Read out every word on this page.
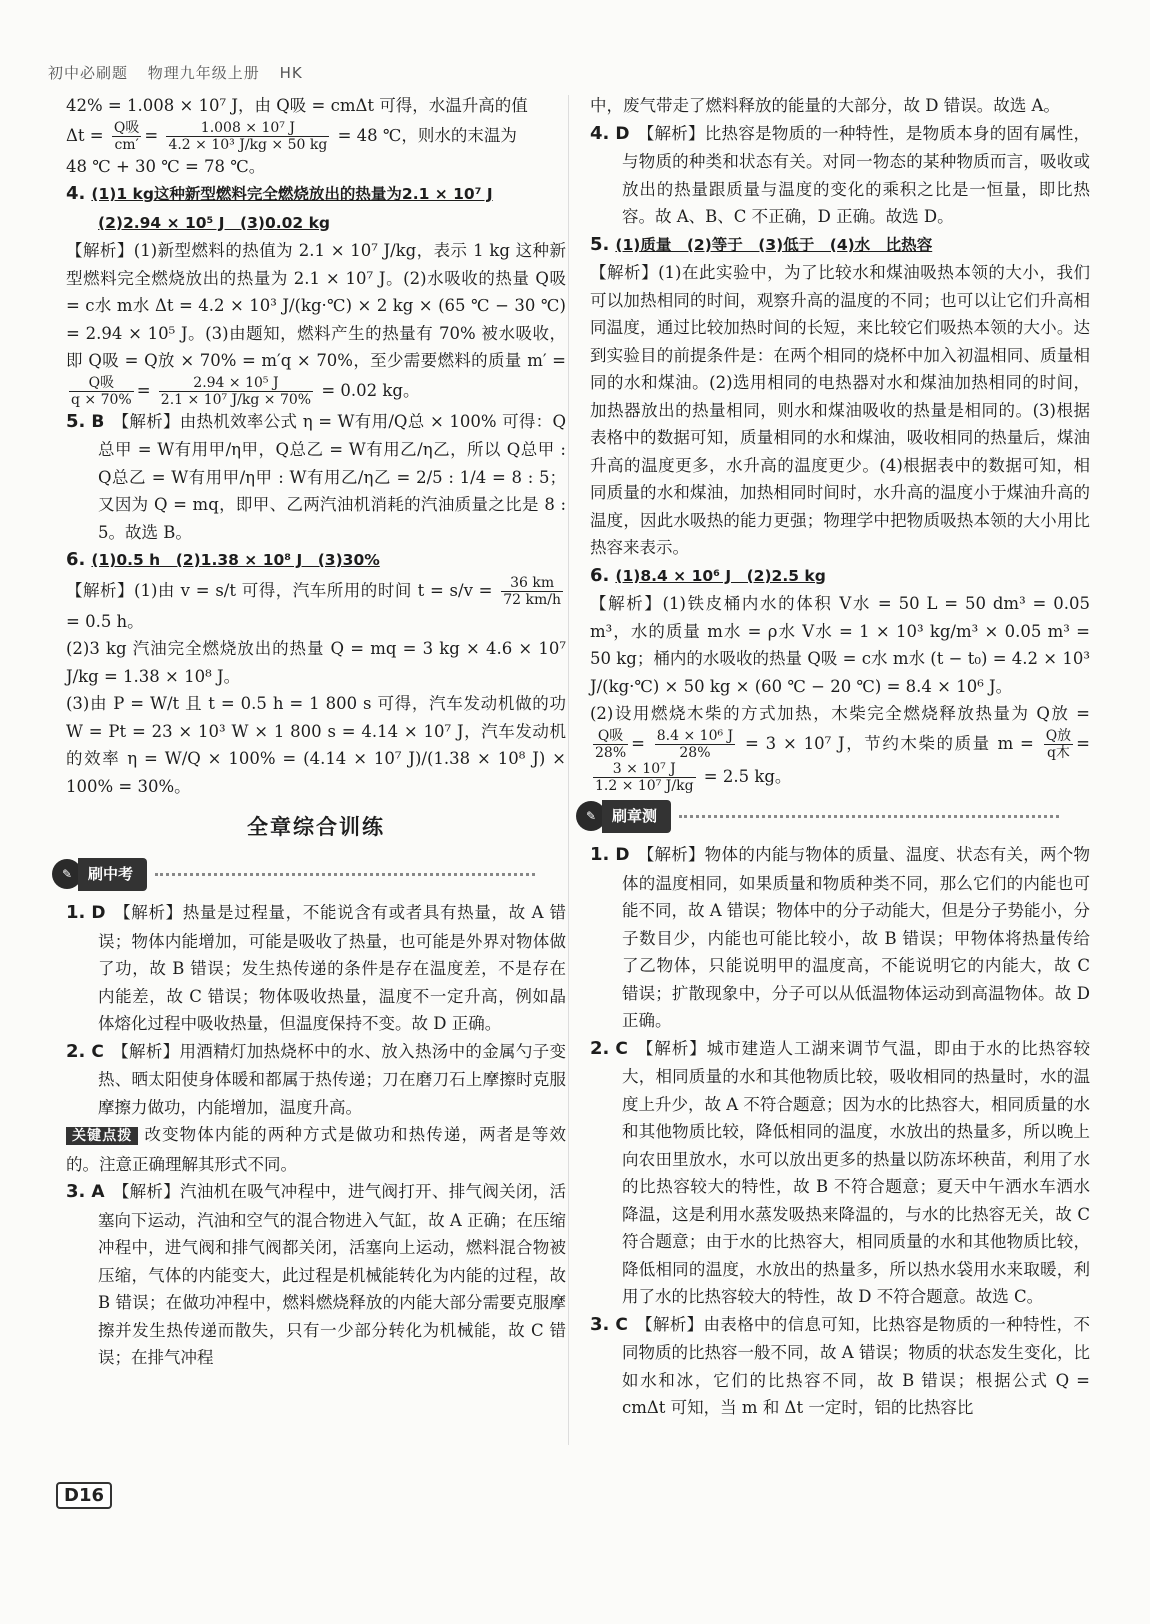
初中必刷题 物理九年级上册 HK

42% = 1.008 × 10⁷ J，由 Q吸 = cmΔt 可得，水温升高的值

$\Delta t = \frac{\text{Q吸}}{cm'} = \frac{\text{1.008 × 10⁷ J}}{\text{4.2 × 10³ J/kg × 50 kg}} = 48$ ℃，则水的末温为

48 ℃ + 30 ℃ = 78 ℃。

4. (1)1 kg这种新型燃料完全燃烧放出的热量为2.1 × 10⁷ J
(2)2.94 × 10⁵ J　(3)0.02 kg

【解析】(1)新型燃料的热值为 2.1 × 10⁷ J/kg，表示 1 kg 这种新型燃料完全燃烧放出的热量为 2.1 × 10⁷ J。(2)水吸收的热量 Q吸 = c水 m水 Δt = 4.2 × 10³ J/(kg·℃) × 2 kg × (65 ℃ − 30 ℃) = 2.94 × 10⁵ J。(3)由题知，燃料产生的热量有 70% 被水吸收，即 Q吸 = Q放 × 70% = m′q × 70%，至少需要燃料的质量 m′ =
$\frac{\text{Q吸}}{q \times 70\%} = \frac{\text{2.94 × 10⁵ J}}{\text{2.1 × 10⁷ J/kg × 70\%}} = 0.02$ kg。

5. B 【解析】由热机效率公式 η = W有用/Q总 × 100% 可得：Q总甲 = W有用甲/η甲，Q总乙 = W有用乙/η乙，所以 Q总甲 : Q总乙 = W有用甲/η甲 : W有用乙/η乙 = 2/5 : 1/4 = 8 : 5；又因为 Q = mq，即甲、乙两汽油机消耗的汽油质量之比是 8 : 5。故选 B。

6. (1)0.5 h　(2)1.38 × 10⁸ J　(3)30%

【解析】(1)由 v = s/t 可得，汽车所用的时间 $t = s/v = \frac{36 km}{72 km/h}$
= 0.5 h。

(2)3 kg 汽油完全燃烧放出的热量 Q = mq = 3 kg × 4.6 × 10⁷ J/kg = 1.38 × 10⁸ J。

(3)由 P = W/t 且 t = 0.5 h = 1 800 s 可得，汽车发动机做的功 W = Pt = 23 × 10³ W × 1 800 s = 4.14 × 10⁷ J，汽车发动机的效率 η = W/Q × 100% = (4.14 × 10⁷ J)/(1.38 × 10⁸ J) × 100% = 30%。

全章综合训练
✎	刷中考

1. D 【解析】热量是过程量，不能说含有或者具有热量，故 A 错误；物体内能增加，可能是吸收了热量，也可能是外界对物体做了功，故 B 错误；发生热传递的条件是存在温度差，不是存在内能差，故 C 错误；物体吸收热量，温度不一定升高，例如晶体熔化过程中吸收热量，但温度保持不变。故 D 正确。

2. C 【解析】用酒精灯加热烧杯中的水、放入热汤中的金属勺子变热、晒太阳使身体暖和都属于热传递；刀在磨刀石上摩擦时克服摩擦力做功，内能增加，温度升高。

关键点拨 改变物体内能的两种方式是做功和热传递，两者是等效的。注意正确理解其形式不同。

3. A 【解析】汽油机在吸气冲程中，进气阀打开、排气阀关闭，活塞向下运动，汽油和空气的混合物进入气缸，故 A 正确；在压缩冲程中，进气阀和排气阀都关闭，活塞向上运动，燃料混合物被压缩，气体的内能变大，此过程是机械能转化为内能的过程，故 B 错误；在做功冲程中，燃料燃烧释放的内能大部分需要克服摩擦并发生热传递而散失，只有一少部分转化为机械能，故 C 错误；在排气冲程

中，废气带走了燃料释放的能量的大部分，故 D 错误。故选 A。

4. D 【解析】比热容是物质的一种特性，是物质本身的固有属性，与物质的种类和状态有关。对同一物态的某种物质而言，吸收或放出的热量跟质量与温度的变化的乘积之比是一恒量，即比热容。故 A、B、C 不正确，D 正确。故选 D。

5. (1)质量　(2)等于　(3)低于　(4)水　比热容

【解析】(1)在此实验中，为了比较水和煤油吸热本领的大小，我们可以加热相同的时间，观察升高的温度的不同；也可以让它们升高相同温度，通过比较加热时间的长短，来比较它们吸热本领的大小。达到实验目的前提条件是：在两个相同的烧杯中加入初温相同、质量相同的水和煤油。(2)选用相同的电热器对水和煤油加热相同的时间，加热器放出的热量相同，则水和煤油吸收的热量是相同的。(3)根据表格中的数据可知，质量相同的水和煤油，吸收相同的热量后，煤油升高的温度更多，水升高的温度更少。(4)根据表中的数据可知，相同质量的水和煤油，加热相同时间时，水升高的温度小于煤油升高的温度，因此水吸热的能力更强；物理学中把物质吸热本领的大小用比热容来表示。

6. (1)8.4 × 10⁶ J　(2)2.5 kg

【解析】(1)铁皮桶内水的体积 V水 = 50 L = 50 dm³ = 0.05 m³，水的质量 m水 = ρ水 V水 = 1 × 10³ kg/m³ × 0.05 m³ = 50 kg；桶内的水吸收的热量 Q吸 = c水 m水 (t − t₀) = 4.2 × 10³ J/(kg·℃) × 50 kg × (60 ℃ − 20 ℃) = 8.4 × 10⁶ J。

(2)设用燃烧木柴的方式加热，木柴完全燃烧释放热量为 Q放 =
$\frac{\text{Q吸}}{28\%} = \frac{\text{8.4 × 10⁶ J}}{28\%} = 3 \times 10^7$ J，节约木柴的质量 $m = \frac{\text{Q放}}{\text{q木}}$ =
$\frac{\text{3 × 10⁷ J}}{\text{1.2 × 10⁷ J/kg}} = 2.5$ kg。

✎	刷章测

1. D 【解析】物体的内能与物体的质量、温度、状态有关，两个物体的温度相同，如果质量和物质种类不同，那么它们的内能也可能不同，故 A 错误；物体中的分子动能大，但是分子势能小，分子数目少，内能也可能比较小，故 B 错误；甲物体将热量传给了乙物体，只能说明甲的温度高，不能说明它的内能大，故 C 错误；扩散现象中，分子可以从低温物体运动到高温物体。故 D 正确。

2. C 【解析】城市建造人工湖来调节气温，即由于水的比热容较大，相同质量的水和其他物质比较，吸收相同的热量时，水的温度上升少，故 A 不符合题意；因为水的比热容大，相同质量的水和其他物质比较，降低相同的温度，水放出的热量多，所以晚上向农田里放水，水可以放出更多的热量以防冻坏秧苗，利用了水的比热容较大的特性，故 B 不符合题意；夏天中午洒水车洒水降温，这是利用水蒸发吸热来降温的，与水的比热容无关，故 C 符合题意；由于水的比热容大，相同质量的水和其他物质比较，降低相同的温度，水放出的热量多，所以热水袋用水来取暖，利用了水的比热容较大的特性，故 D 不符合题意。故选 C。

3. C 【解析】由表格中的信息可知，比热容是物质的一种特性，不同物质的比热容一般不同，故 A 错误；物质的状态发生变化，比如水和冰，它们的比热容不同，故 B 错误；根据公式 Q = cmΔt 可知，当 m 和 Δt 一定时，铝的比热容比

D16
